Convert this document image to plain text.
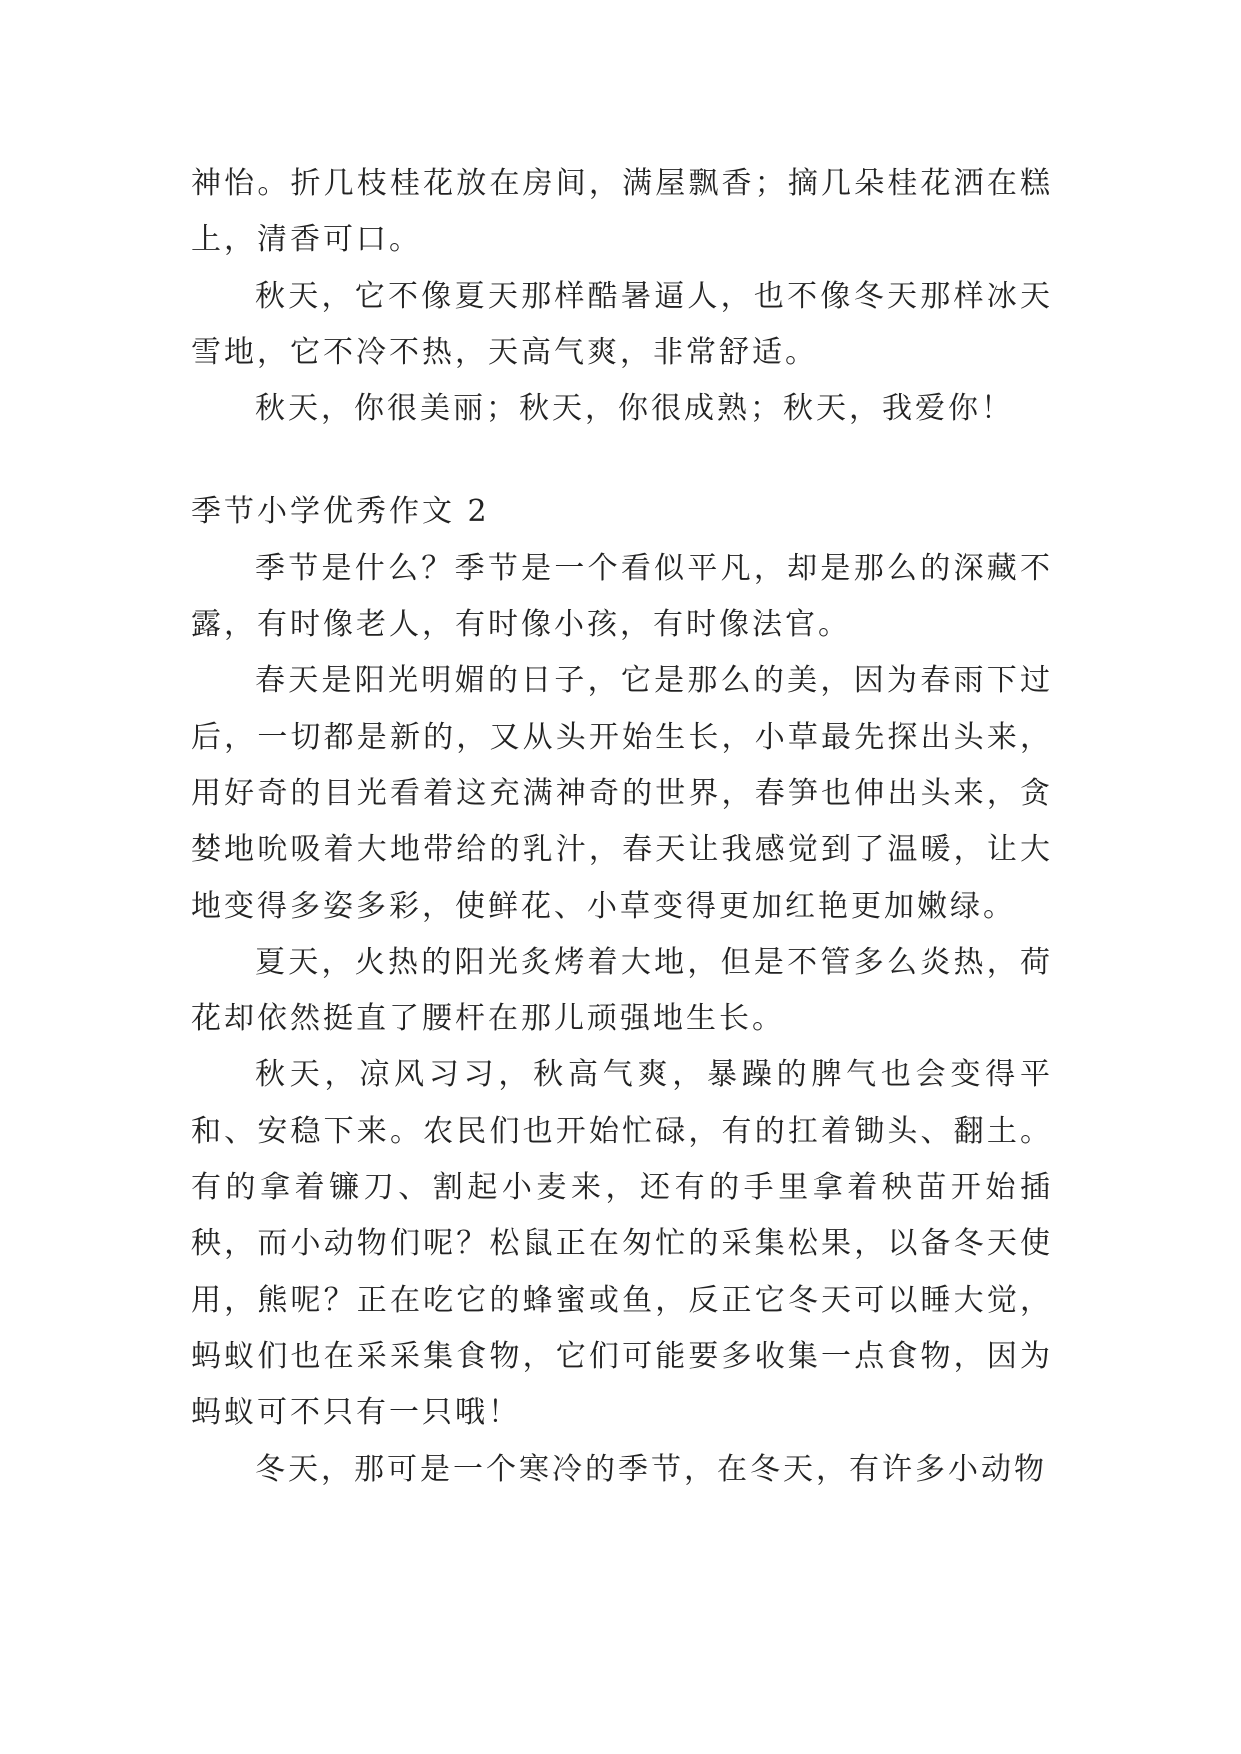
神怡。折几枝桂花放在房间，满屋飘香；摘几朵桂花洒在糕上，清香可口。

秋天，它不像夏天那样酷暑逼人，也不像冬天那样冰天雪地，它不冷不热，天高气爽，非常舒适。

秋天，你很美丽；秋天，你很成熟；秋天，我爱你！

季节小学优秀作文 2

季节是什么？季节是一个看似平凡，却是那么的深藏不露，有时像老人，有时像小孩，有时像法官。

春天是阳光明媚的日子，它是那么的美，因为春雨下过后，一切都是新的，又从头开始生长，小草最先探出头来，用好奇的目光看着这充满神奇的世界，春笋也伸出头来，贪婪地吮吸着大地带给的乳汁，春天让我感觉到了温暖，让大地变得多姿多彩，使鲜花、小草变得更加红艳更加嫩绿。

夏天，火热的阳光炙烤着大地，但是不管多么炎热，荷花却依然挺直了腰杆在那儿顽强地生长。

秋天，凉风习习，秋高气爽，暴躁的脾气也会变得平和、安稳下来。农民们也开始忙碌，有的扛着锄头、翻土。有的拿着镰刀、割起小麦来，还有的手里拿着秧苗开始插秧，而小动物们呢？松鼠正在匆忙的采集松果，以备冬天使用，熊呢？正在吃它的蜂蜜或鱼，反正它冬天可以睡大觉，蚂蚁们也在采采集食物，它们可能要多收集一点食物，因为蚂蚁可不只有一只哦！

冬天，那可是一个寒冷的季节，在冬天，有许多小动物
